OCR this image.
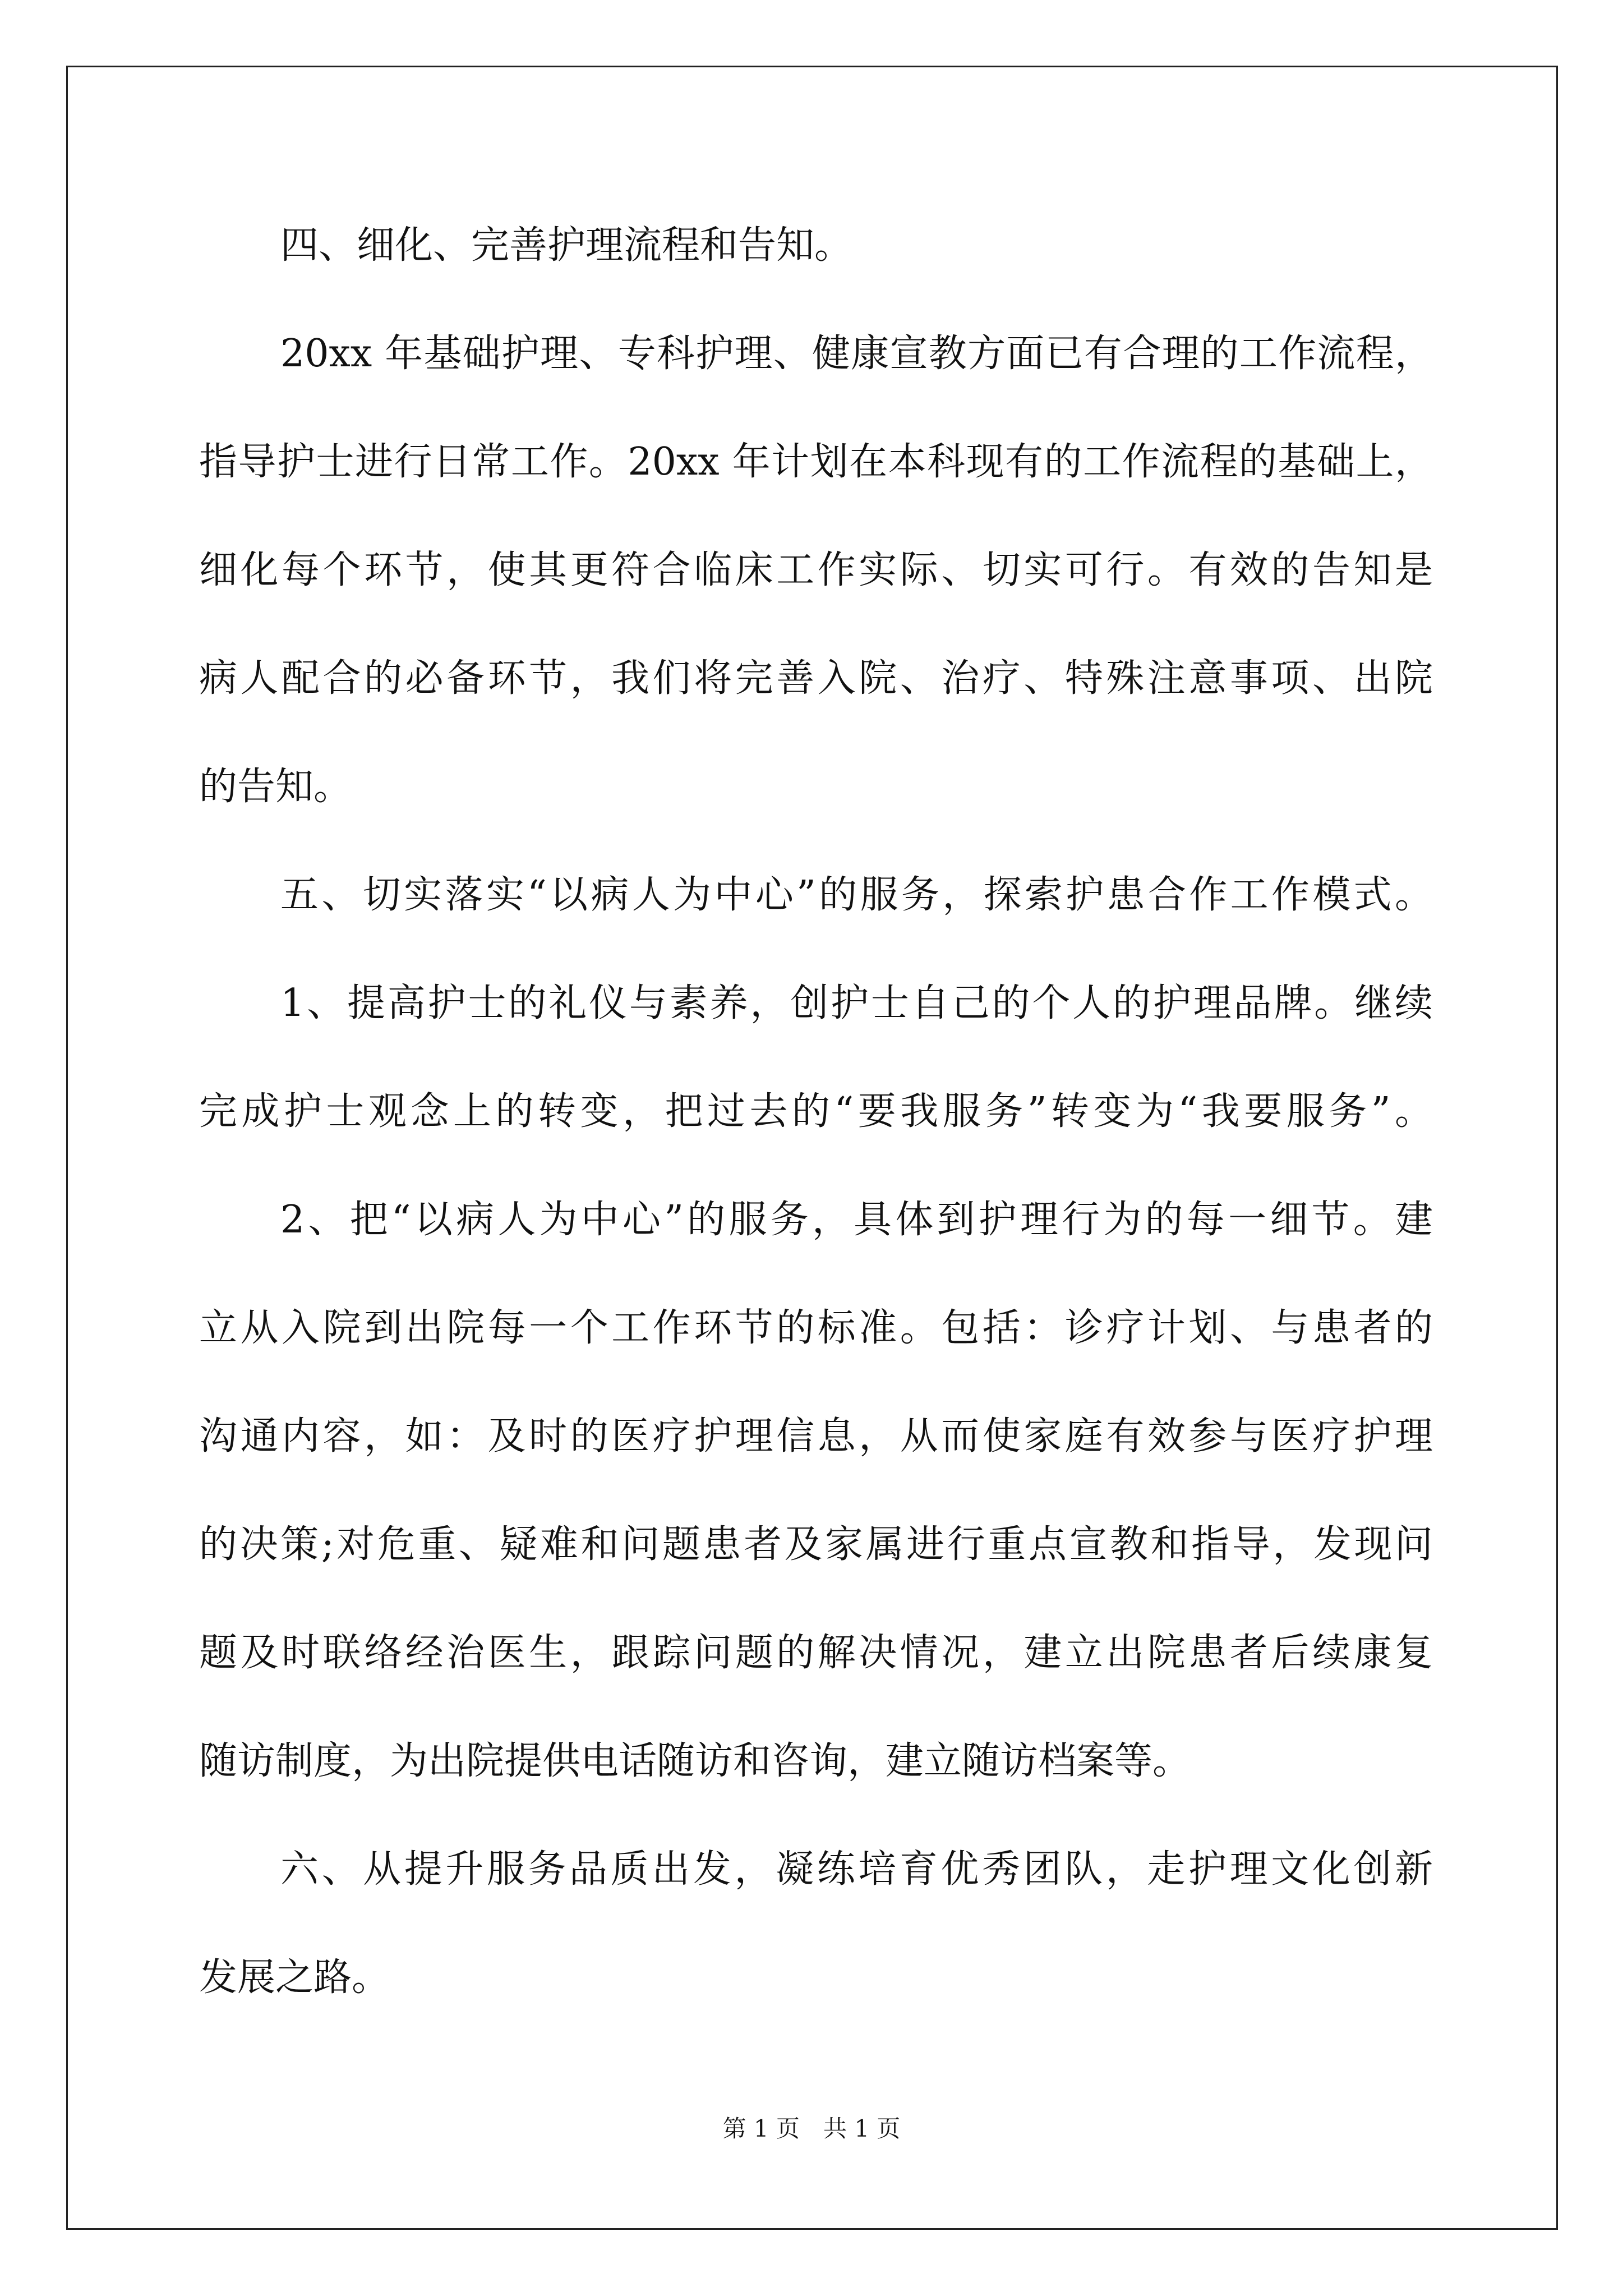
四、细化、完善护理流程和告知。
20xx 年基础护理、专科护理、健康宣教方面已有合理的工作流程，
指导护士进行日常工作。20xx 年计划在本科现有的工作流程的基础上，
细化每个环节，使其更符合临床工作实际、切实可行。有效的告知是
病人配合的必备环节，我们将完善入院、治疗、特殊注意事项、出院
的告知。
五、切实落实“以病人为中心”的服务，探索护患合作工作模式。
1、提高护士的礼仪与素养，创护士自己的个人的护理品牌。继续
完成护士观念上的转变，把过去的“要我服务”转变为“我要服务”。
2、把“以病人为中心”的服务，具体到护理行为的每一细节。建
立从入院到出院每一个工作环节的标准。包括：诊疗计划、与患者的
沟通内容，如：及时的医疗护理信息，从而使家庭有效参与医疗护理
的决策;对危重、疑难和问题患者及家属进行重点宣教和指导，发现问
题及时联络经治医生，跟踪问题的解决情况，建立出院患者后续康复
随访制度，为出院提供电话随访和咨询，建立随访档案等。
六、从提升服务品质出发，凝练培育优秀团队，走护理文化创新
发展之路。
第 1 页　共 1 页
